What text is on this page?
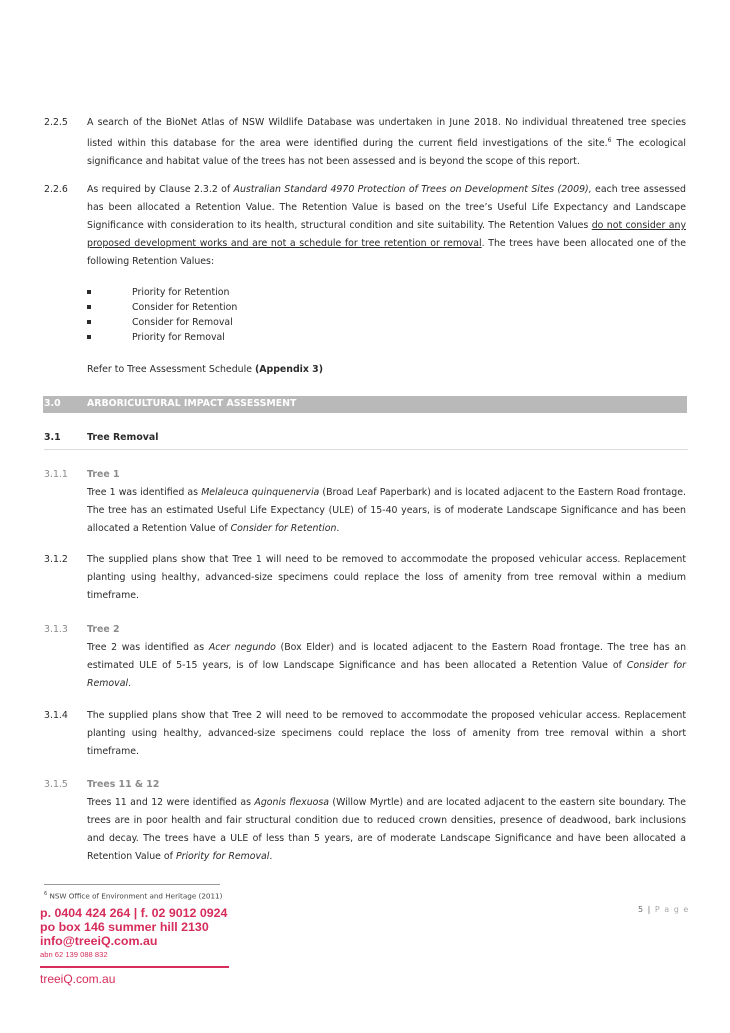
2.2.5	A search of the BioNet Atlas of NSW Wildlife Database was undertaken in June 2018. No individual threatened tree species listed within this database for the area were identified during the current field investigations of the site.$^6$ The ecological significance and habitat value of the trees has not been assessed and is beyond the scope of this report.
2.2.6	As required by Clause 2.3.2 of Australian Standard 4970 Protection of Trees on Development Sites (2009), each tree assessed has been allocated a Retention Value. The Retention Value is based on the tree’s Useful Life Expectancy and Landscape Significance with consideration to its health, structural condition and site suitability. The Retention Values do not consider any proposed development works and are not a schedule for tree retention or removal. The trees have been allocated one of the following Retention Values:
Priority for Retention
Consider for Retention
Consider for Removal
Priority for Removal
Refer to Tree Assessment Schedule (Appendix 3)
3.0	ARBORICULTURAL IMPACT ASSESSMENT
3.1	Tree Removal
3.1.1	Tree 1
Tree 1 was identified as Melaleuca quinquenervia (Broad Leaf Paperbark) and is located adjacent to the Eastern Road frontage. The tree has an estimated Useful Life Expectancy (ULE) of 15-40 years, is of moderate Landscape Significance and has been allocated a Retention Value of Consider for Retention.
3.1.2	The supplied plans show that Tree 1 will need to be removed to accommodate the proposed vehicular access. Replacement planting using healthy, advanced-size specimens could replace the loss of amenity from tree removal within a medium timeframe.
3.1.3	Tree 2
Tree 2 was identified as Acer negundo (Box Elder) and is located adjacent to the Eastern Road frontage. The tree has an estimated ULE of 5-15 years, is of low Landscape Significance and has been allocated a Retention Value of Consider for Removal.
3.1.4	The supplied plans show that Tree 2 will need to be removed to accommodate the proposed vehicular access. Replacement planting using healthy, advanced-size specimens could replace the loss of amenity from tree removal within a short timeframe.
3.1.5	Trees 11 & 12
Trees 11 and 12 were identified as Agonis flexuosa (Willow Myrtle) and are located adjacent to the eastern site boundary. The trees are in poor health and fair structural condition due to reduced crown densities, presence of deadwood, bark inclusions and decay. The trees have a ULE of less than 5 years, are of moderate Landscape Significance and have been allocated a Retention Value of Priority for Removal.
$^6$ NSW Office of Environment and Heritage (2011)
p. 0404 424 264 | f. 02 9012 0924
po box 146 summer hill 2130
info@treeiQ.com.au
abn 62 139 088 832
treeiQ.com.au
5 | P a g e
